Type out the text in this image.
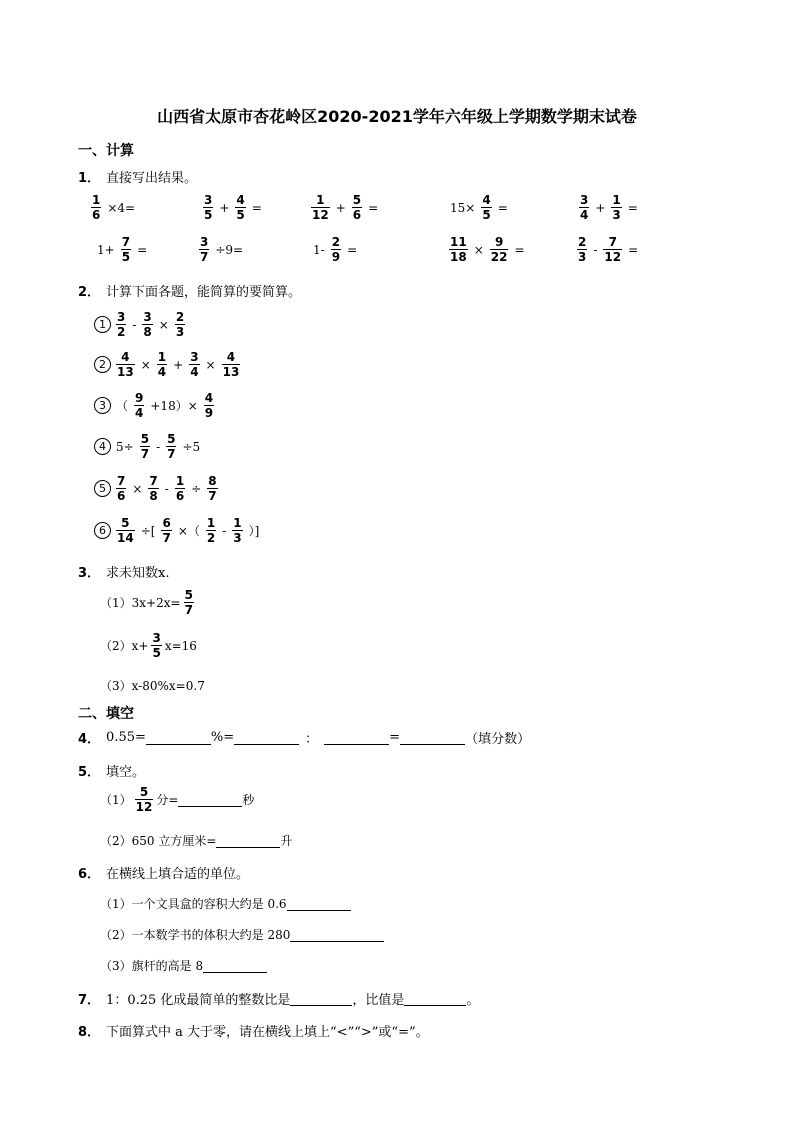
山西省太原市杏花岭区2020-2021学年六年级上学期数学期末试卷
一、计算
1． 直接写出结果。
$\frac{1}{6} \times 4=$	$\frac{3}{5} + \frac{4}{5}$ =	$\frac{1}{12} + \frac{5}{6}$ =	$15\times \frac{4}{5}$ =	$\frac{3}{4} + \frac{1}{3}$ =
$1+ \frac{7}{5}$ =	$\frac{3}{7} \div 9=$	$1- \frac{2}{9}$ =	$\frac{11}{18} \times \frac{9}{22}$ =	$\frac{2}{3} - \frac{7}{12}$ =
2． 计算下面各题，能简算的要简算。
$1 \frac{3}{2} - \frac{3}{8} \times \frac{2}{3}$
$2 \frac{4}{13} \times \frac{1}{4} + \frac{3}{4} \times \frac{4}{13}$
3 （ $\frac{9}{4} +18)\times \frac{4}{9}$
4 $5\div \frac{5}{7} - \frac{5}{7} \div 5$
$5 \frac{7}{6} \times \frac{7}{8} - \frac{1}{6} \div \frac{8}{7}$
$6 \frac{5}{14}$ ÷[ $\frac{6}{7}$ ×（ $\frac{1}{2} - \frac{1}{3}$ ）]
3． 求未知数x.
$(1)3x+2x= \frac{5}{7}$
$(2)x+ \frac{3}{5} x=16$
（3）x-80%x=0.7
二、填空
4． 0.55=	%=	：	=	（填分数）
5． 填空。
$(1) \frac{5}{12}$ 分=	秒
（2）650 立方厘米=	升
6． 在横线上填合适的单位。
（1）一个文具盒的容积大约是 0.6
（2）一本数学书的体积大约是 280
（3）旗杆的高是 8
7． 1：0.25 化成最简单的整数比是	，比值是	。
8． 下面算式中 a 大于零，请在横线上填上“<”“>”或“=”。
